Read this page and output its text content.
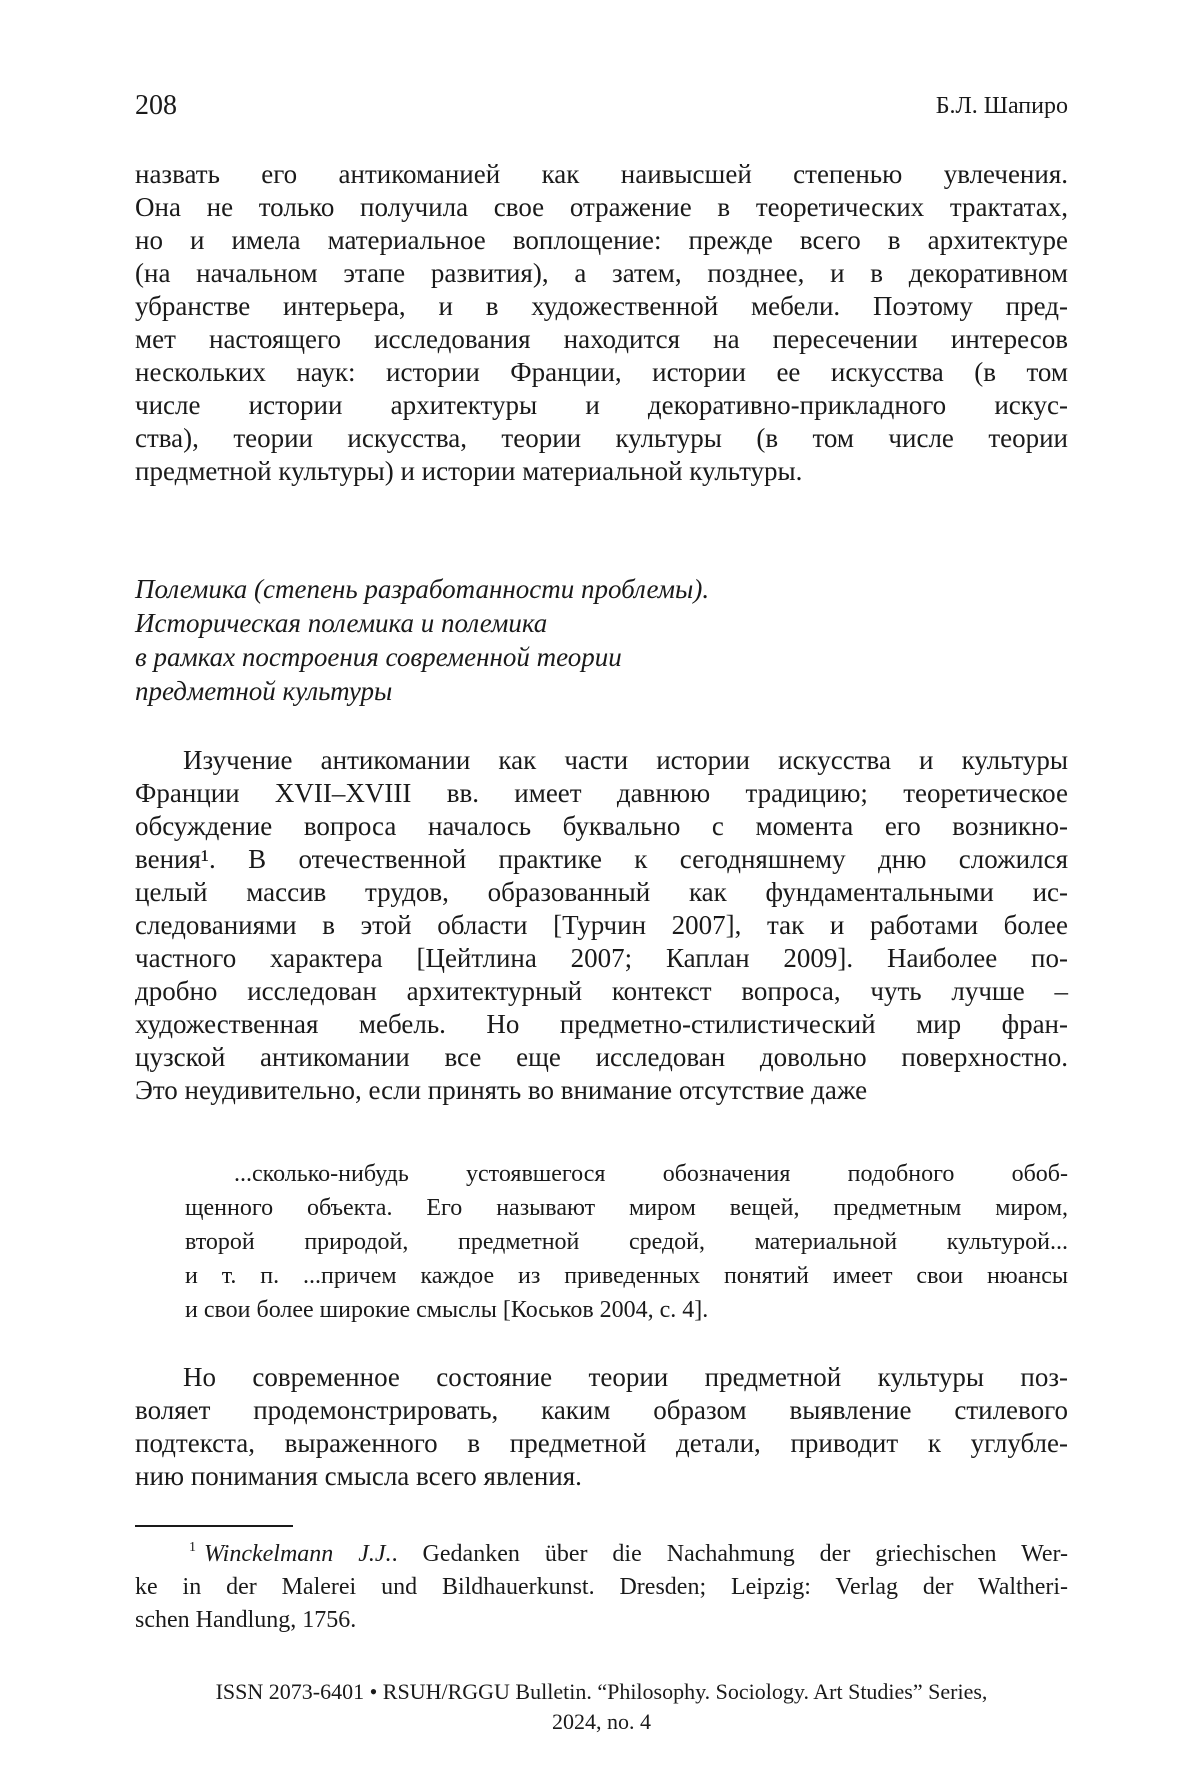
208	Б.Л. Шапиро
назвать его антикоманией как наивысшей степенью увлечения.
Она не только получила свое отражение в теоретических трактатах,
но и имела материальное воплощение: прежде всего в архитектуре
(на начальном этапе развития), а затем, позднее, и в декоративном
убранстве интерьера, и в художественной мебели. Поэтому пред-
мет настоящего исследования находится на пересечении интересов
нескольких наук: истории Франции, истории ее искусства (в том
числе истории архитектуры и декоративно-прикладного искус-
ства), теории искусства, теории культуры (в том числе теории
предметной культуры) и истории материальной культуры.
Полемика (степень разработанности проблемы).
Историческая полемика и полемика
в рамках построения современной теории
предметной культуры
Изучение антикомании как части истории искусства и культуры
Франции XVII–XVIII вв. имеет давнюю традицию; теоретическое
обсуждение вопроса началось буквально с момента его возникно-
вения¹. В отечественной практике к сегодняшнему дню сложился
целый массив трудов, образованный как фундаментальными ис-
следованиями в этой области [Турчин 2007], так и работами более
частного характера [Цейтлина 2007; Каплан 2009]. Наиболее по-
дробно исследован архитектурный контекст вопроса, чуть лучше –
художественная мебель. Но предметно-стилистический мир фран-
цузской антикомании все еще исследован довольно поверхностно.
Это неудивительно, если принять во внимание отсутствие даже
...сколько-нибудь устоявшегося обозначения подобного обоб-
щенного объекта. Его называют миром вещей, предметным миром,
второй природой, предметной средой, материальной культурой...
и т. п. ...причем каждое из приведенных понятий имеет свои нюансы
и свои более широкие смыслы [Коськов 2004, с. 4].
Но современное состояние теории предметной культуры поз-
воляет продемонстрировать, каким образом выявление стилевого
подтекста, выраженного в предметной детали, приводит к углубле-
нию понимания смысла всего явления.
$^1$ Winckelmann J.J.. Gedanken über die Nachahmung der griechischen Wer-
ke in der Malerei und Bildhauerkunst. Dresden; Leipzig: Verlag der Waltheri-
schen Handlung, 1756.
ISSN 2073-6401 • RSUH/RGGU Bulletin. “Philosophy. Sociology. Art Studies” Series,
2024, no. 4
